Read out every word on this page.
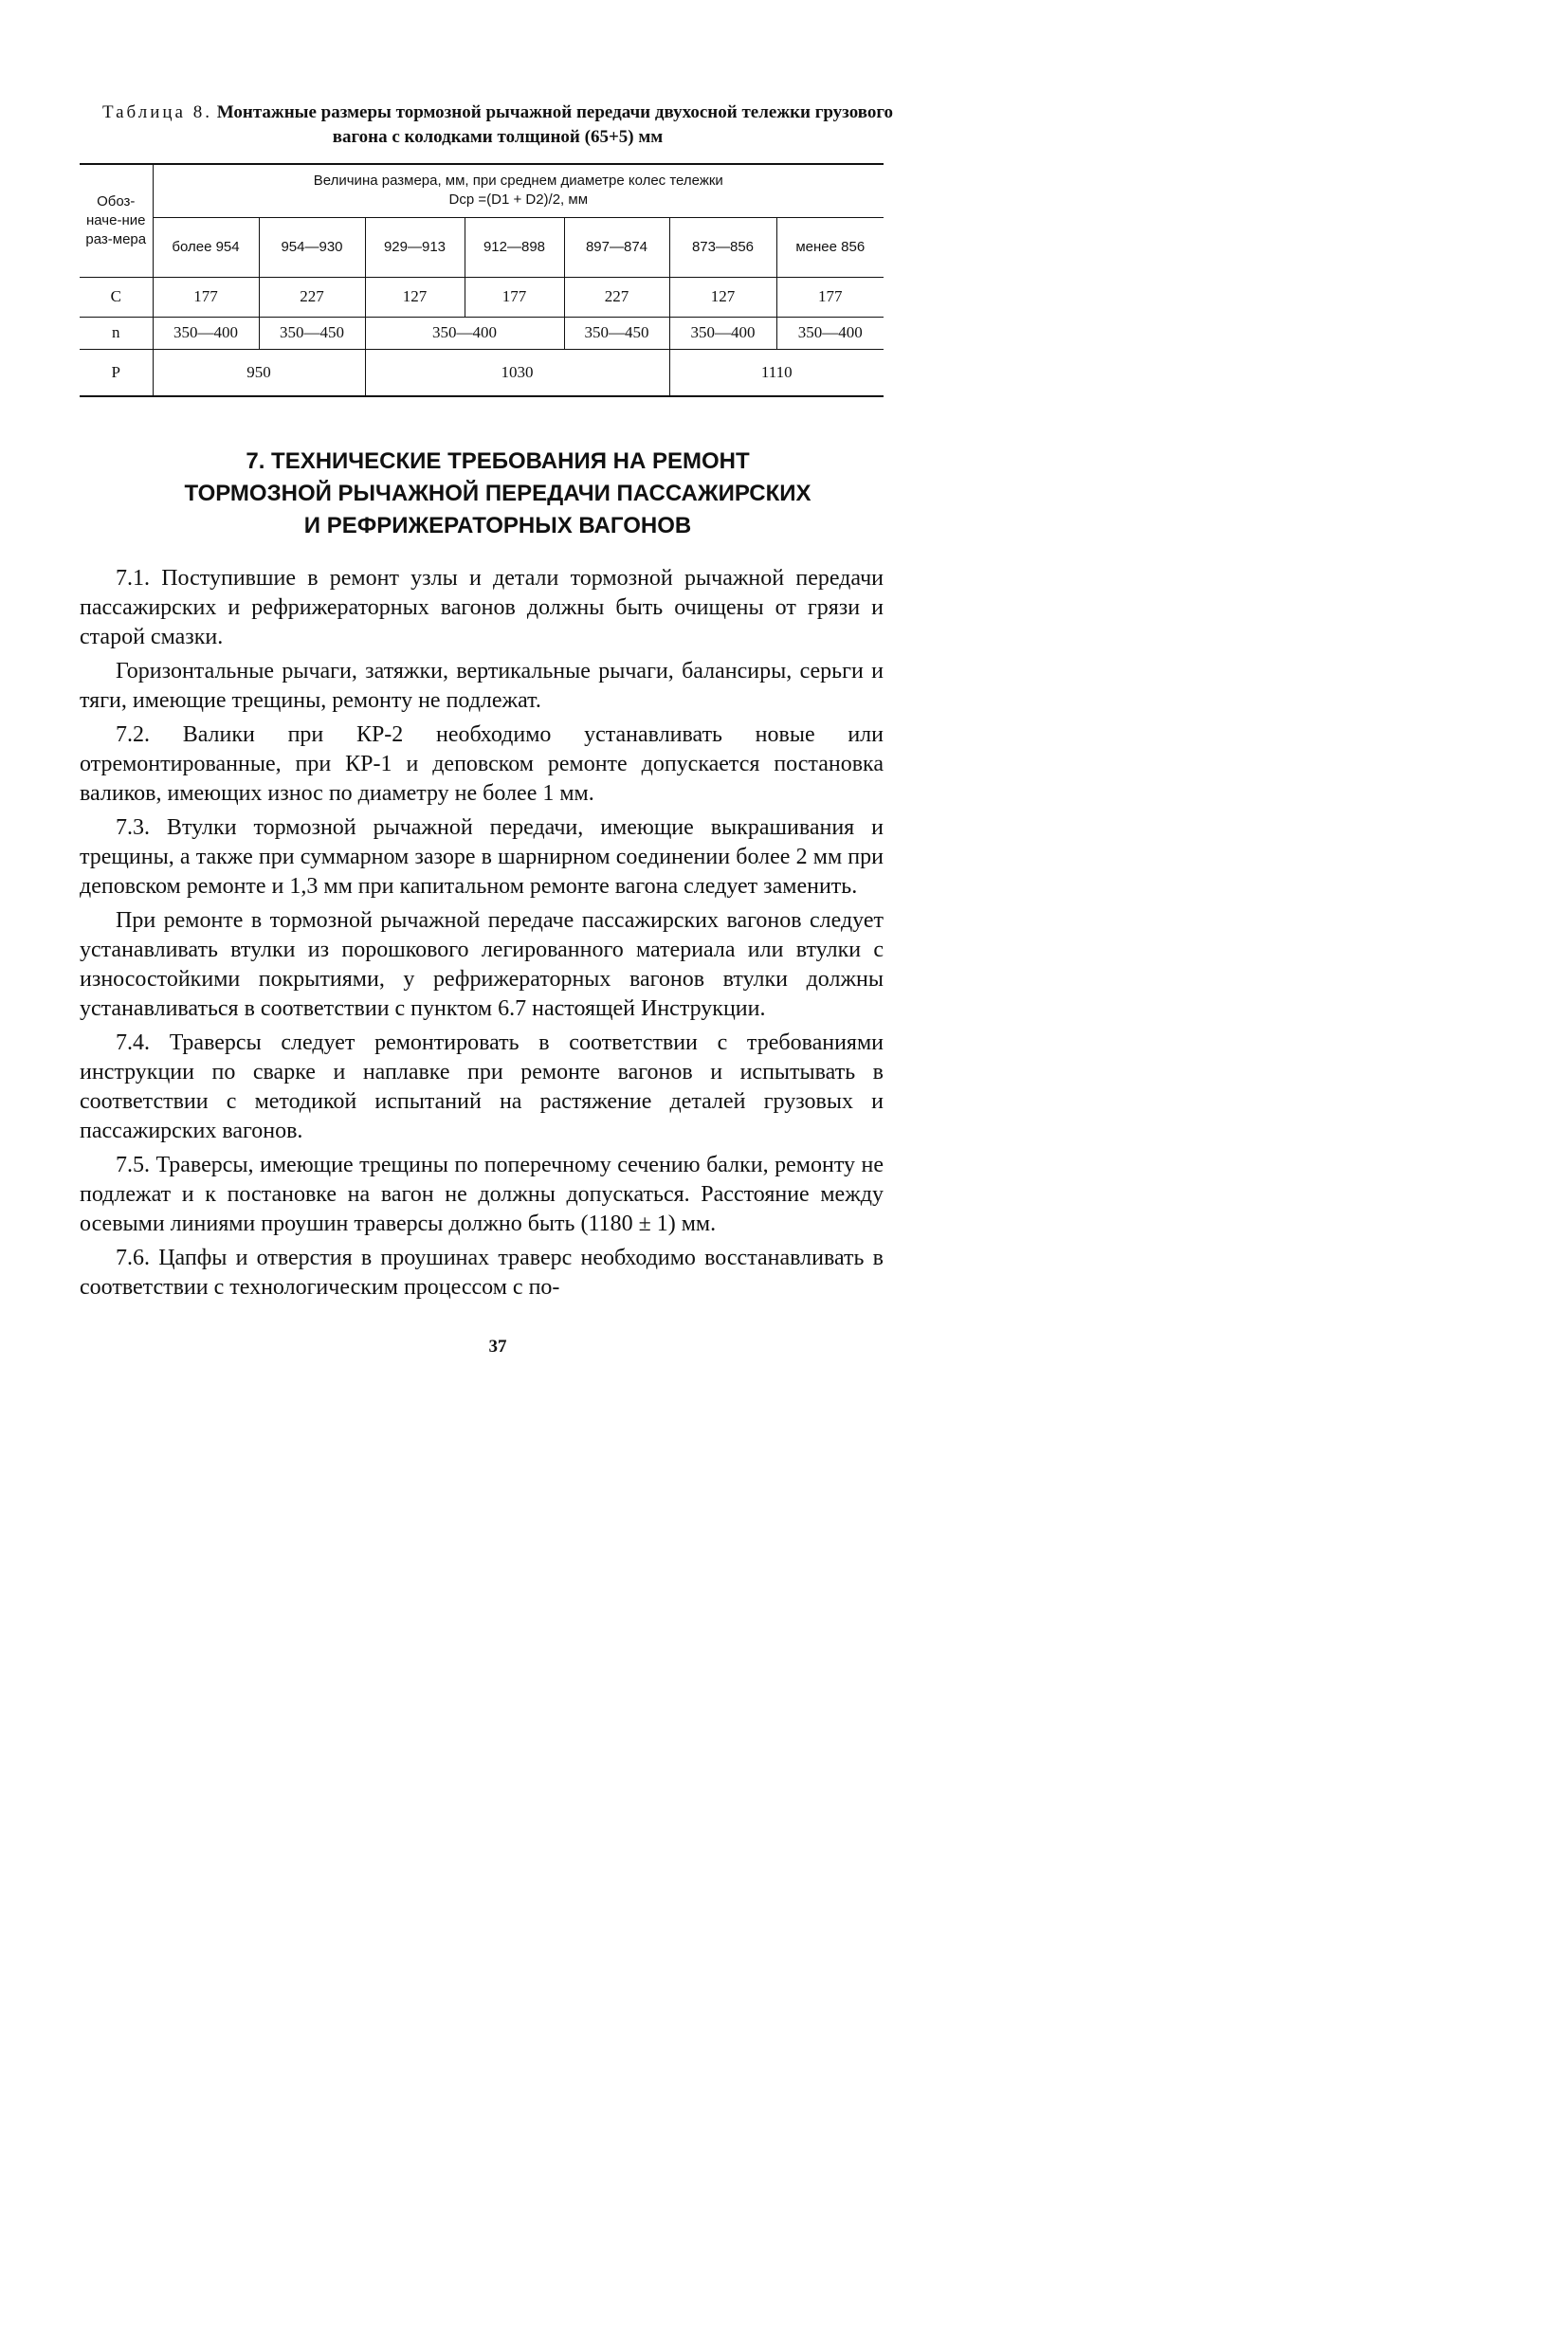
Таблица 8. Монтажные размеры тормозной рычажной передачи двухосной тележки грузового вагона с колодками толщиной (65+5) мм
Обоз-наче-ние раз-мера	Величина размера, мм, при среднем диаметре колес тележки
Dср =(D1 + D2)/2, мм						

	более 954	954—930	929—913	912—898	897—874	873—856	менее 856
C	177	227	127	177	227	127	177
n	350—400	350—450	350—400		350—450	350—400	350—400
P	950		1030			1110	
7. ТЕХНИЧЕСКИЕ ТРЕБОВАНИЯ НА РЕМОНТ
ТОРМОЗНОЙ РЫЧАЖНОЙ ПЕРЕДАЧИ ПАССАЖИРСКИХ
И РЕФРИЖЕРАТОРНЫХ ВАГОНОВ

7.1. Поступившие в ремонт узлы и детали тормозной рычажной передачи пассажирских и рефрижераторных вагонов должны быть очищены от грязи и старой смазки.

Горизонтальные рычаги, затяжки, вертикальные рычаги, балансиры, серьги и тяги, имеющие трещины, ремонту не подлежат.

7.2. Валики при КР-2 необходимо устанавливать новые или отремонтированные, при КР-1 и деповском ремонте допускается постановка валиков, имеющих износ по диаметру не более 1 мм.

7.3. Втулки тормозной рычажной передачи, имеющие выкрашивания и трещины, а также при суммарном зазоре в шарнирном соединении более 2 мм при деповском ремонте и 1,3 мм при капитальном ремонте вагона следует заменить.

При ремонте в тормозной рычажной передаче пассажирских вагонов следует устанавливать втулки из порошкового легированного материала или втулки с износостойкими покрытиями, у рефрижераторных вагонов втулки должны устанавливаться в соответствии с пунктом 6.7 настоящей Инструкции.

7.4. Траверсы следует ремонтировать в соответствии с требованиями инструкции по сварке и наплавке при ремонте вагонов и испытывать в соответствии с методикой испытаний на растяжение деталей грузовых и пассажирских вагонов.

7.5. Траверсы, имеющие трещины по поперечному сечению балки, ремонту не подлежат и к постановке на вагон не должны допускаться. Расстояние между осевыми линиями проушин траверсы должно быть (1180 ± 1) мм.

7.6. Цапфы и отверстия в проушинах траверс необходимо восстанавливать в соответствии с технологическим процессом с по-

37
